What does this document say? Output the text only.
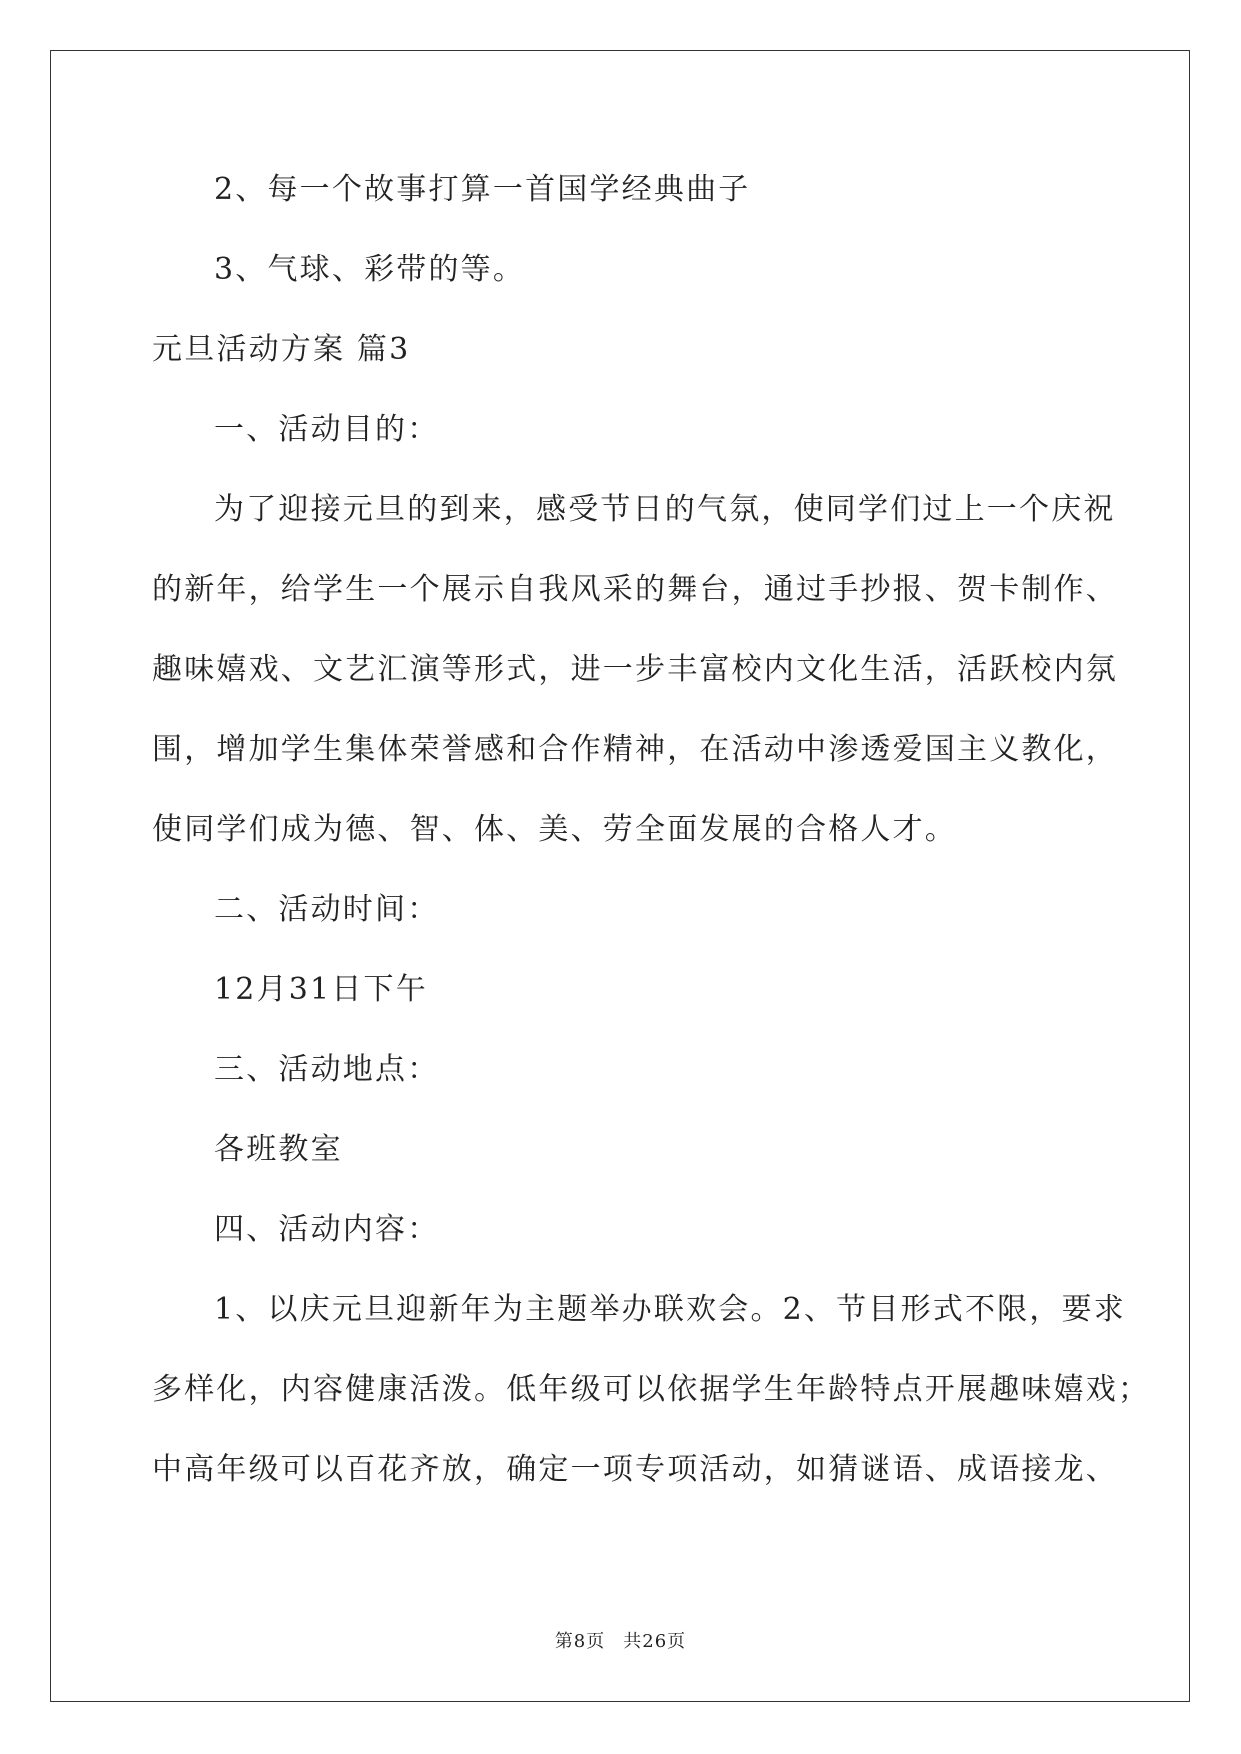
2、每一个故事打算一首国学经典曲子
3、气球、彩带的等。
元旦活动方案 篇3
一、活动目的：
为了迎接元旦的到来，感受节日的气氛，使同学们过上一个庆祝
的新年，给学生一个展示自我风采的舞台，通过手抄报、贺卡制作、
趣味嬉戏、文艺汇演等形式，进一步丰富校内文化生活，活跃校内氛
围，增加学生集体荣誉感和合作精神，在活动中渗透爱国主义教化，
使同学们成为德、智、体、美、劳全面发展的合格人才。
二、活动时间：
12月31日下午
三、活动地点：
各班教室
四、活动内容：
1、以庆元旦迎新年为主题举办联欢会。2、节目形式不限，要求
多样化，内容健康活泼。低年级可以依据学生年龄特点开展趣味嬉戏；
中高年级可以百花齐放，确定一项专项活动，如猜谜语、成语接龙、
第8页 共26页
